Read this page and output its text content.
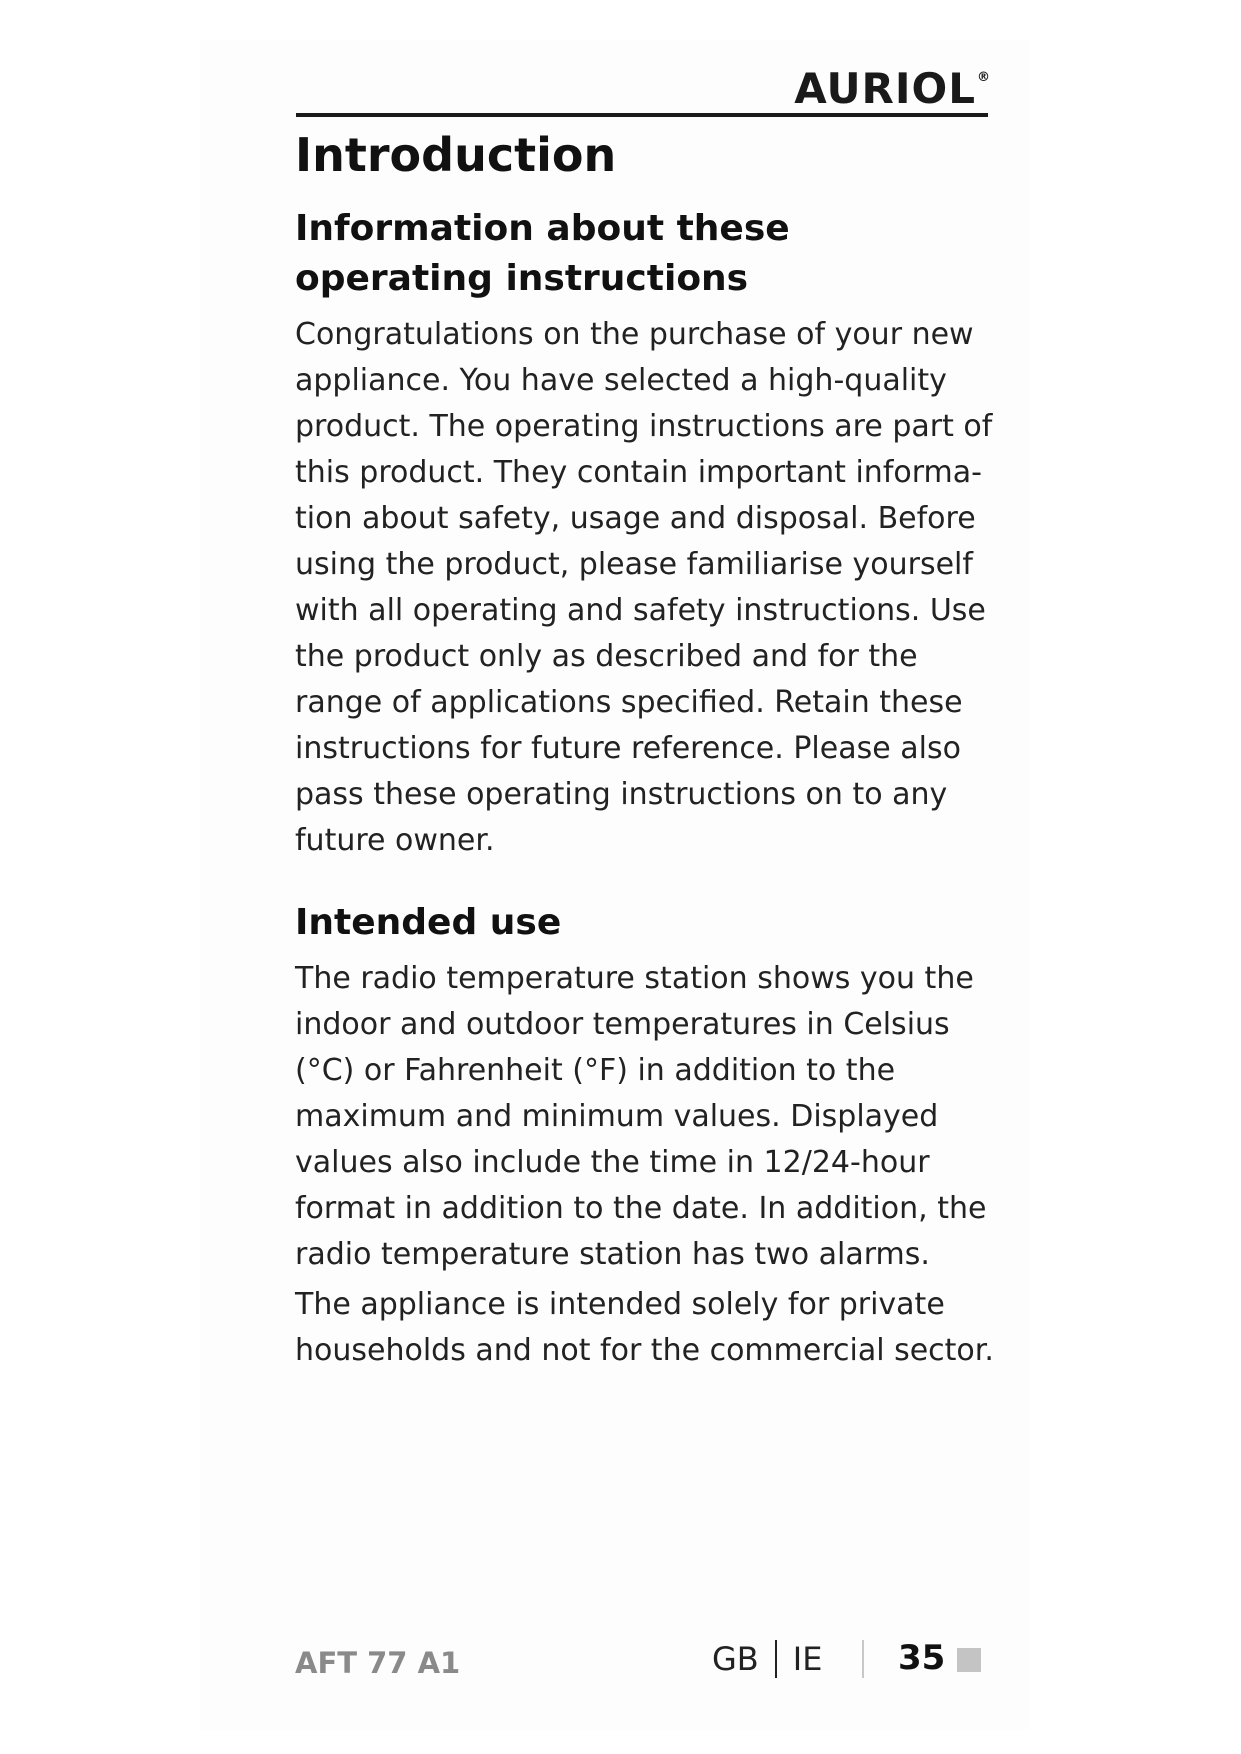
AURIOL®
Introduction
Information about these
operating instructions

Congratulations on the purchase of your new appliance. You have selected a high-quality product. The operating instructions are part of this product. They contain important informa-tion about safety, usage and disposal. Before using the product, please familiarise yourself with all operating and safety instructions. Use the product only as described and for the range of applications specified. Retain these instructions for future reference. Please also pass these operating instructions on to any future owner.

Intended use

The radio temperature station shows you the indoor and outdoor temperatures in Celsius (°C) or Fahrenheit (°F) in addition to the maximum and minimum values. Displayed values also include the time in 12/24-hour format in addition to the date. In addition, the radio temperature station has two alarms.

The appliance is intended solely for private households and not for the commercial sector.

AFT 77 A1	GB IE 35
